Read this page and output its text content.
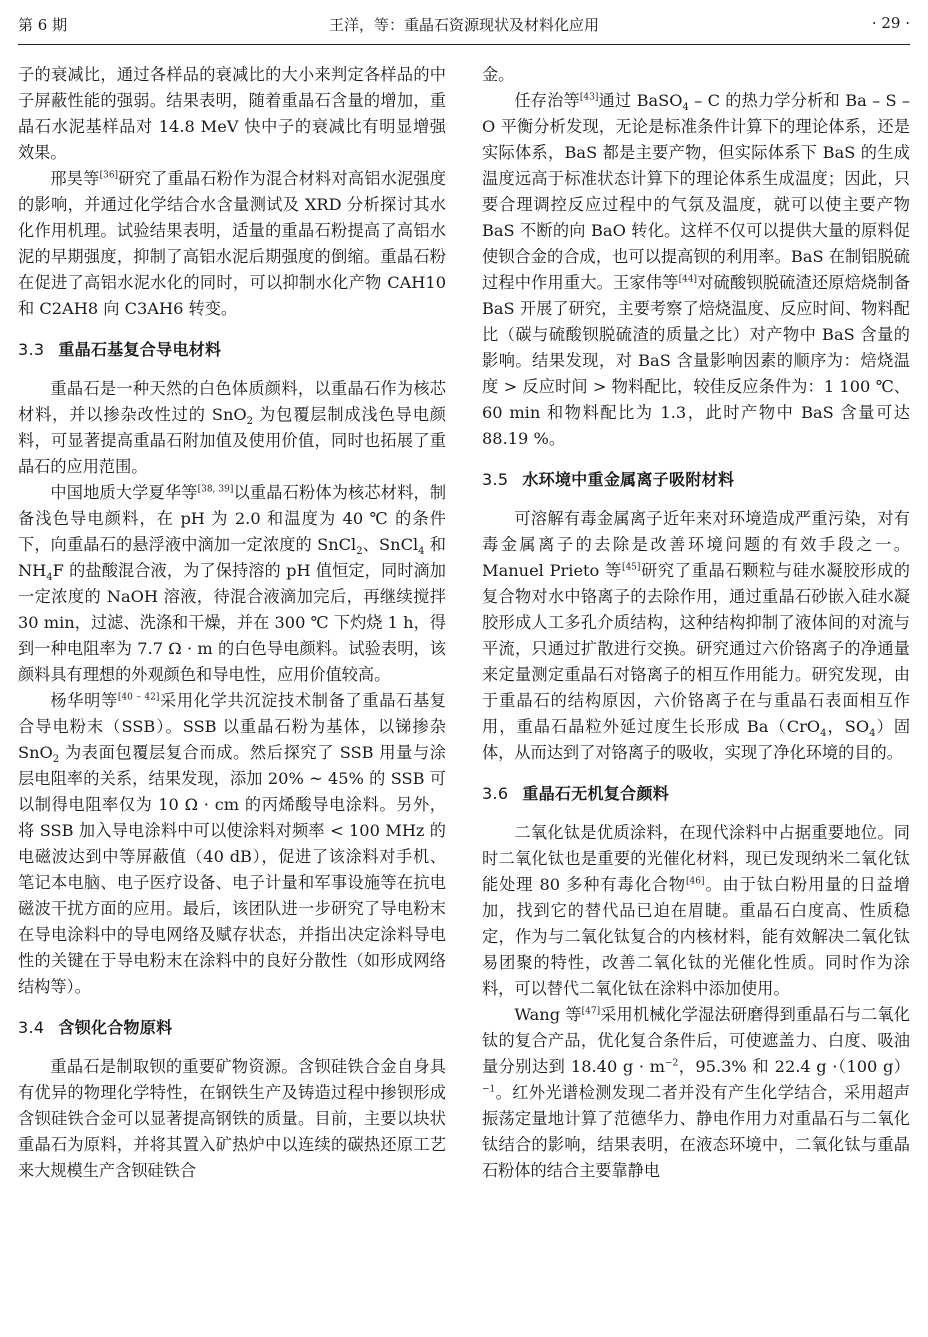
第 6 期	王洋，等：重晶石资源现状及材料化应用	· 29 ·

子的衰减比，通过各样品的衰减比的大小来判定各样品的中子屏蔽性能的强弱。结果表明，随着重晶石含量的增加，重晶石水泥基样品对 14.8 MeV 快中子的衰减比有明显增强效果。

邢昊等[36]研究了重晶石粉作为混合材料对高铝水泥强度的影响，并通过化学结合水含量测试及 XRD 分析探讨其水化作用机理。试验结果表明，适量的重晶石粉提高了高铝水泥的早期强度，抑制了高铝水泥后期强度的倒缩。重晶石粉在促进了高铝水泥水化的同时，可以抑制水化产物 CAH10 和 C2AH8 向 C3AH6 转变。

3.3 重晶石基复合导电材料

重晶石是一种天然的白色体质颜料，以重晶石作为核芯材料，并以掺杂改性过的 SnO$_2$ 为包覆层制成浅色导电颜料，可显著提高重晶石附加值及使用价值，同时也拓展了重晶石的应用范围。

中国地质大学夏华等[38, 39]以重晶石粉体为核芯材料，制备浅色导电颜料，在 pH 为 2.0 和温度为 40 ℃ 的条件下，向重晶石的悬浮液中滴加一定浓度的 SnCl$_2$、SnCl$_4$ 和 $NH_4F$ 的盐酸混合液，为了保持溶的 pH 值恒定，同时滴加一定浓度的 NaOH 溶液，待混合液滴加完后，再继续搅拌 30 min，过滤、洗涤和干燥，并在 300 ℃ 下灼烧 1 h，得到一种电阻率为 7.7 Ω · m 的白色导电颜料。试验表明，该颜料具有理想的外观颜色和导电性，应用价值较高。

杨华明等[40 – 42]采用化学共沉淀技术制备了重晶石基复合导电粉末（SSB）。SSB 以重晶石粉为基体，以锑掺杂 SnO$_2$ 为表面包覆层复合而成。然后探究了 SSB 用量与涂层电阻率的关系，结果发现，添加 20% ~ 45% 的 SSB 可以制得电阻率仅为 10 Ω · cm 的丙烯酸导电涂料。另外，将 SSB 加入导电涂料中可以使涂料对频率 < 100 MHz 的电磁波达到中等屏蔽值（40 dB），促进了该涂料对手机、笔记本电脑、电子医疗设备、电子计量和军事设施等在抗电磁波干扰方面的应用。最后，该团队进一步研究了导电粉末在导电涂料中的导电网络及赋存状态，并指出决定涂料导电性的关键在于导电粉末在涂料中的良好分散性（如形成网络结构等）。

3.4 含钡化合物原料

重晶石是制取钡的重要矿物资源。含钡硅铁合金自身具有优异的物理化学特性，在钢铁生产及铸造过程中掺钡形成含钡硅铁合金可以显著提高钢铁的质量。目前，主要以块状重晶石为原料，并将其置入矿热炉中以连续的碳热还原工艺来大规模生产含钡硅铁合

金。

任存治等[43]通过 BaSO$_4$ – C 的热力学分析和 Ba – S – O 平衡分析发现，无论是标准条件计算下的理论体系，还是实际体系，BaS 都是主要产物，但实际体系下 BaS 的生成温度远高于标准状态计算下的理论体系生成温度；因此，只要合理调控反应过程中的气氛及温度，就可以使主要产物 BaS 不断的向 BaO 转化。这样不仅可以提供大量的原料促使钡合金的合成，也可以提高钡的利用率。BaS 在制铝脱硫过程中作用重大。王家伟等[44]对硫酸钡脱硫渣还原焙烧制备 BaS 开展了研究，主要考察了焙烧温度、反应时间、物料配比（碳与硫酸钡脱硫渣的质量之比）对产物中 BaS 含量的影响。结果发现，对 BaS 含量影响因素的顺序为：焙烧温度 > 反应时间 > 物料配比，较佳反应条件为：1 100 ℃、60 min 和物料配比为 1.3，此时产物中 BaS 含量可达 88.19 %。

3.5 水环境中重金属离子吸附材料

可溶解有毒金属离子近年来对环境造成严重污染，对有毒金属离子的去除是改善环境问题的有效手段之一。Manuel Prieto 等[45]研究了重晶石颗粒与硅水凝胶形成的复合物对水中铬离子的去除作用，通过重晶石砂嵌入硅水凝胶形成人工多孔介质结构，这种结构抑制了液体间的对流与平流，只通过扩散进行交换。研究通过六价铬离子的净通量来定量测定重晶石对铬离子的相互作用能力。研究发现，由于重晶石的结构原因，六价铬离子在与重晶石表面相互作用，重晶石晶粒外延过度生长形成 Ba（CrO$_4$，$SO_4$）固体，从而达到了对铬离子的吸收，实现了净化环境的目的。

3.6 重晶石无机复合颜料

二氧化钛是优质涂料，在现代涂料中占据重要地位。同时二氧化钛也是重要的光催化材料，现已发现纳米二氧化钛能处理 80 多种有毒化合物[46]。由于钛白粉用量的日益增加，找到它的替代品已迫在眉睫。重晶石白度高、性质稳定，作为与二氧化钛复合的内核材料，能有效解决二氧化钛易团聚的特性，改善二氧化钛的光催化性质。同时作为涂料，可以替代二氧化钛在涂料中添加使用。

Wang 等[47]采用机械化学湿法研磨得到重晶石与二氧化钛的复合产品，优化复合条件后，可使遮盖力、白度、吸油量分别达到 18.40 $g \cdot m^{-2}$，95.3% 和 22.4 g ·（100 g）$^{-1}$。红外光谱检测发现二者并没有产生化学结合，采用超声振荡定量地计算了范德华力、静电作用力对重晶石与二氧化钛结合的影响，结果表明，在液态环境中，二氧化钛与重晶石粉体的结合主要靠静电
